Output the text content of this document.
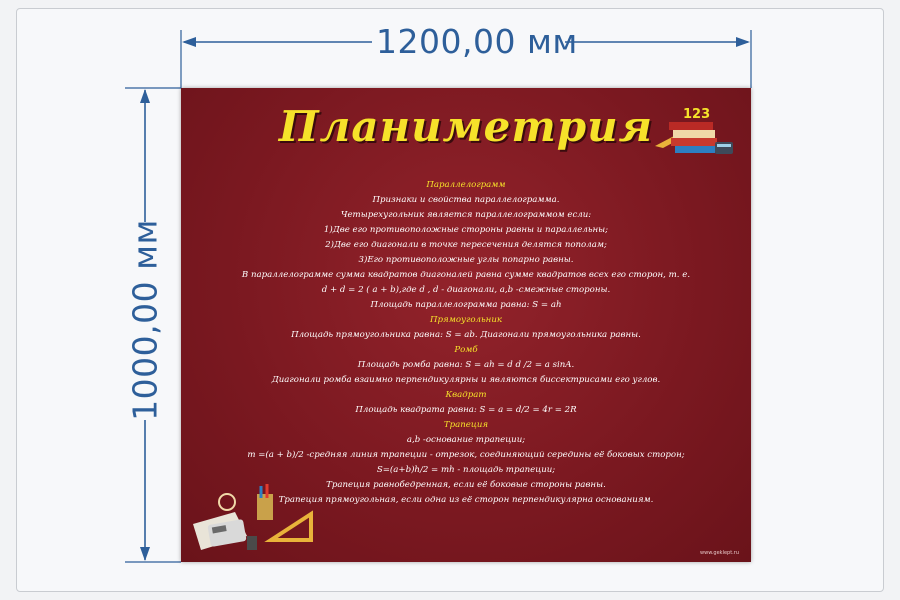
1200,00 мм
1000,00 мм
Планиметрия	123
Параллелограмм
Признаки и свойства параллелограмма.
Четырехугольник является параллелограммом если:
1)Две его противоположные стороны равны и параллельны;
2)Две его диагонали в точке пересечения делятся пополам;
3)Его противоположные углы попарно равны.
В параллелограмме сумма квадратов диагоналей равна сумме квадратов всех его сторон, т. е.
d + d = 2 ( a + b),где d , d - диагонали, a,b -смежные стороны.
Площадь параллелограмма равна: S = ah
Прямоугольник
Площадь прямоугольника равна: S = ab. Диагонали прямоугольника равны.
Ромб
Площадь ромба равна: S = ah = d d /2 = a sinA.
Диагонали ромба взаимно перпендикулярны и являются биссектрисами его углов.
Квадрат
Площадь квадрата равна: S = a = d/2 = 4r = 2R
Трапеция
a,b -основание трапеции;
m =(a + b)/2 -средняя линия трапеции - отрезок, соединяющий середины её боковых сторон;
S=(a+b)h/2 = mh - площадь трапеции;
Трапеция равнобедренная, если её боковые стороны равны.
Трапеция прямоугольная, если одна из её сторон перпендикулярна основаниям.
www.geklept.ru
